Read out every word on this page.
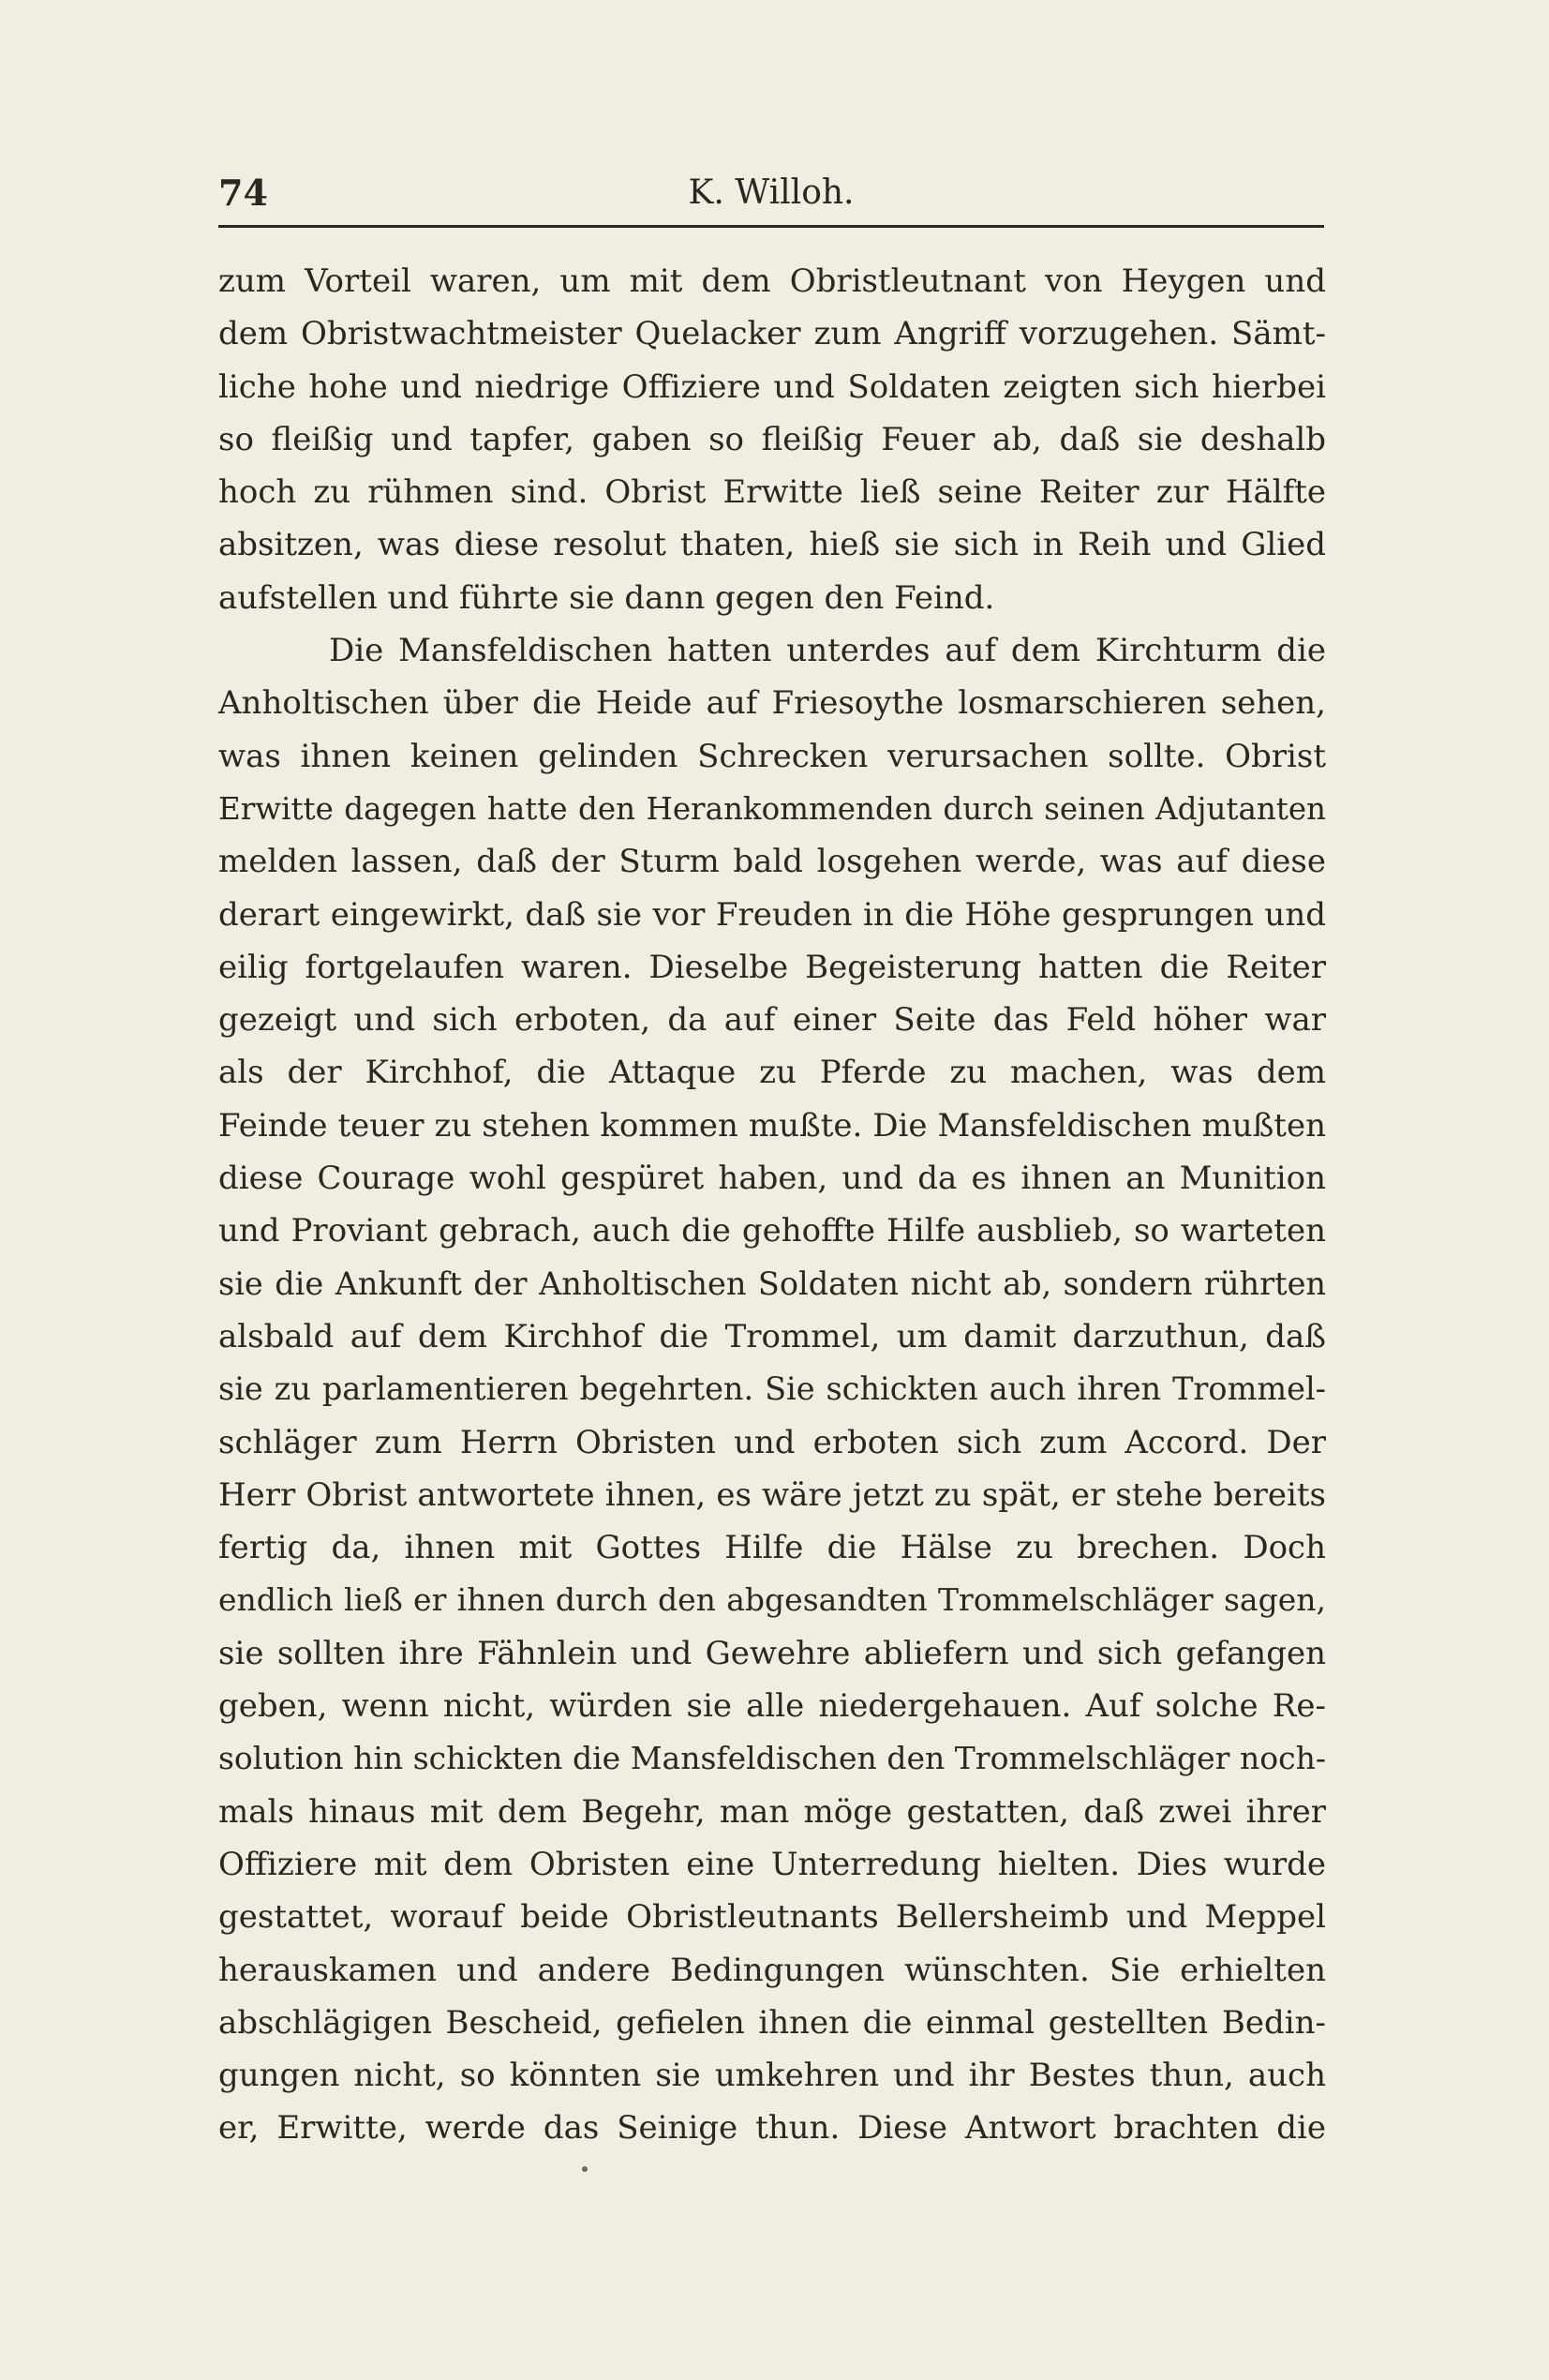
74	K. Willoh.
zum Vorteil waren, um mit dem Obristleutnant von Heygen und
dem Obristwachtmeister Quelacker zum Angriff vorzugehen. Sämt-
liche hohe und niedrige Offiziere und Soldaten zeigten sich hierbei
so fleißig und tapfer, gaben so fleißig Feuer ab, daß sie deshalb
hoch zu rühmen sind. Obrist Erwitte ließ seine Reiter zur Hälfte
absitzen, was diese resolut thaten, hieß sie sich in Reih und Glied
aufstellen und führte sie dann gegen den Feind.
Die Mansfeldischen hatten unterdes auf dem Kirchturm die
Anholtischen über die Heide auf Friesoythe losmarschieren sehen,
was ihnen keinen gelinden Schrecken verursachen sollte. Obrist
Erwitte dagegen hatte den Herankommenden durch seinen Adjutanten
melden lassen, daß der Sturm bald losgehen werde, was auf diese
derart eingewirkt, daß sie vor Freuden in die Höhe gesprungen und
eilig fortgelaufen waren. Dieselbe Begeisterung hatten die Reiter
gezeigt und sich erboten, da auf einer Seite das Feld höher war
als der Kirchhof, die Attaque zu Pferde zu machen, was dem
Feinde teuer zu stehen kommen mußte. Die Mansfeldischen mußten
diese Courage wohl gespüret haben, und da es ihnen an Munition
und Proviant gebrach, auch die gehoffte Hilfe ausblieb, so warteten
sie die Ankunft der Anholtischen Soldaten nicht ab, sondern rührten
alsbald auf dem Kirchhof die Trommel, um damit darzuthun, daß
sie zu parlamentieren begehrten. Sie schickten auch ihren Trommel-
schläger zum Herrn Obristen und erboten sich zum Accord. Der
Herr Obrist antwortete ihnen, es wäre jetzt zu spät, er stehe bereits
fertig da, ihnen mit Gottes Hilfe die Hälse zu brechen. Doch
endlich ließ er ihnen durch den abgesandten Trommelschläger sagen,
sie sollten ihre Fähnlein und Gewehre abliefern und sich gefangen
geben, wenn nicht, würden sie alle niedergehauen. Auf solche Re-
solution hin schickten die Mansfeldischen den Trommelschläger noch-
mals hinaus mit dem Begehr, man möge gestatten, daß zwei ihrer
Offiziere mit dem Obristen eine Unterredung hielten. Dies wurde
gestattet, worauf beide Obristleutnants Bellersheimb und Meppel
herauskamen und andere Bedingungen wünschten. Sie erhielten
abschlägigen Bescheid, gefielen ihnen die einmal gestellten Bedin-
gungen nicht, so könnten sie umkehren und ihr Bestes thun, auch
er, Erwitte, werde das Seinige thun. Diese Antwort brachten die
